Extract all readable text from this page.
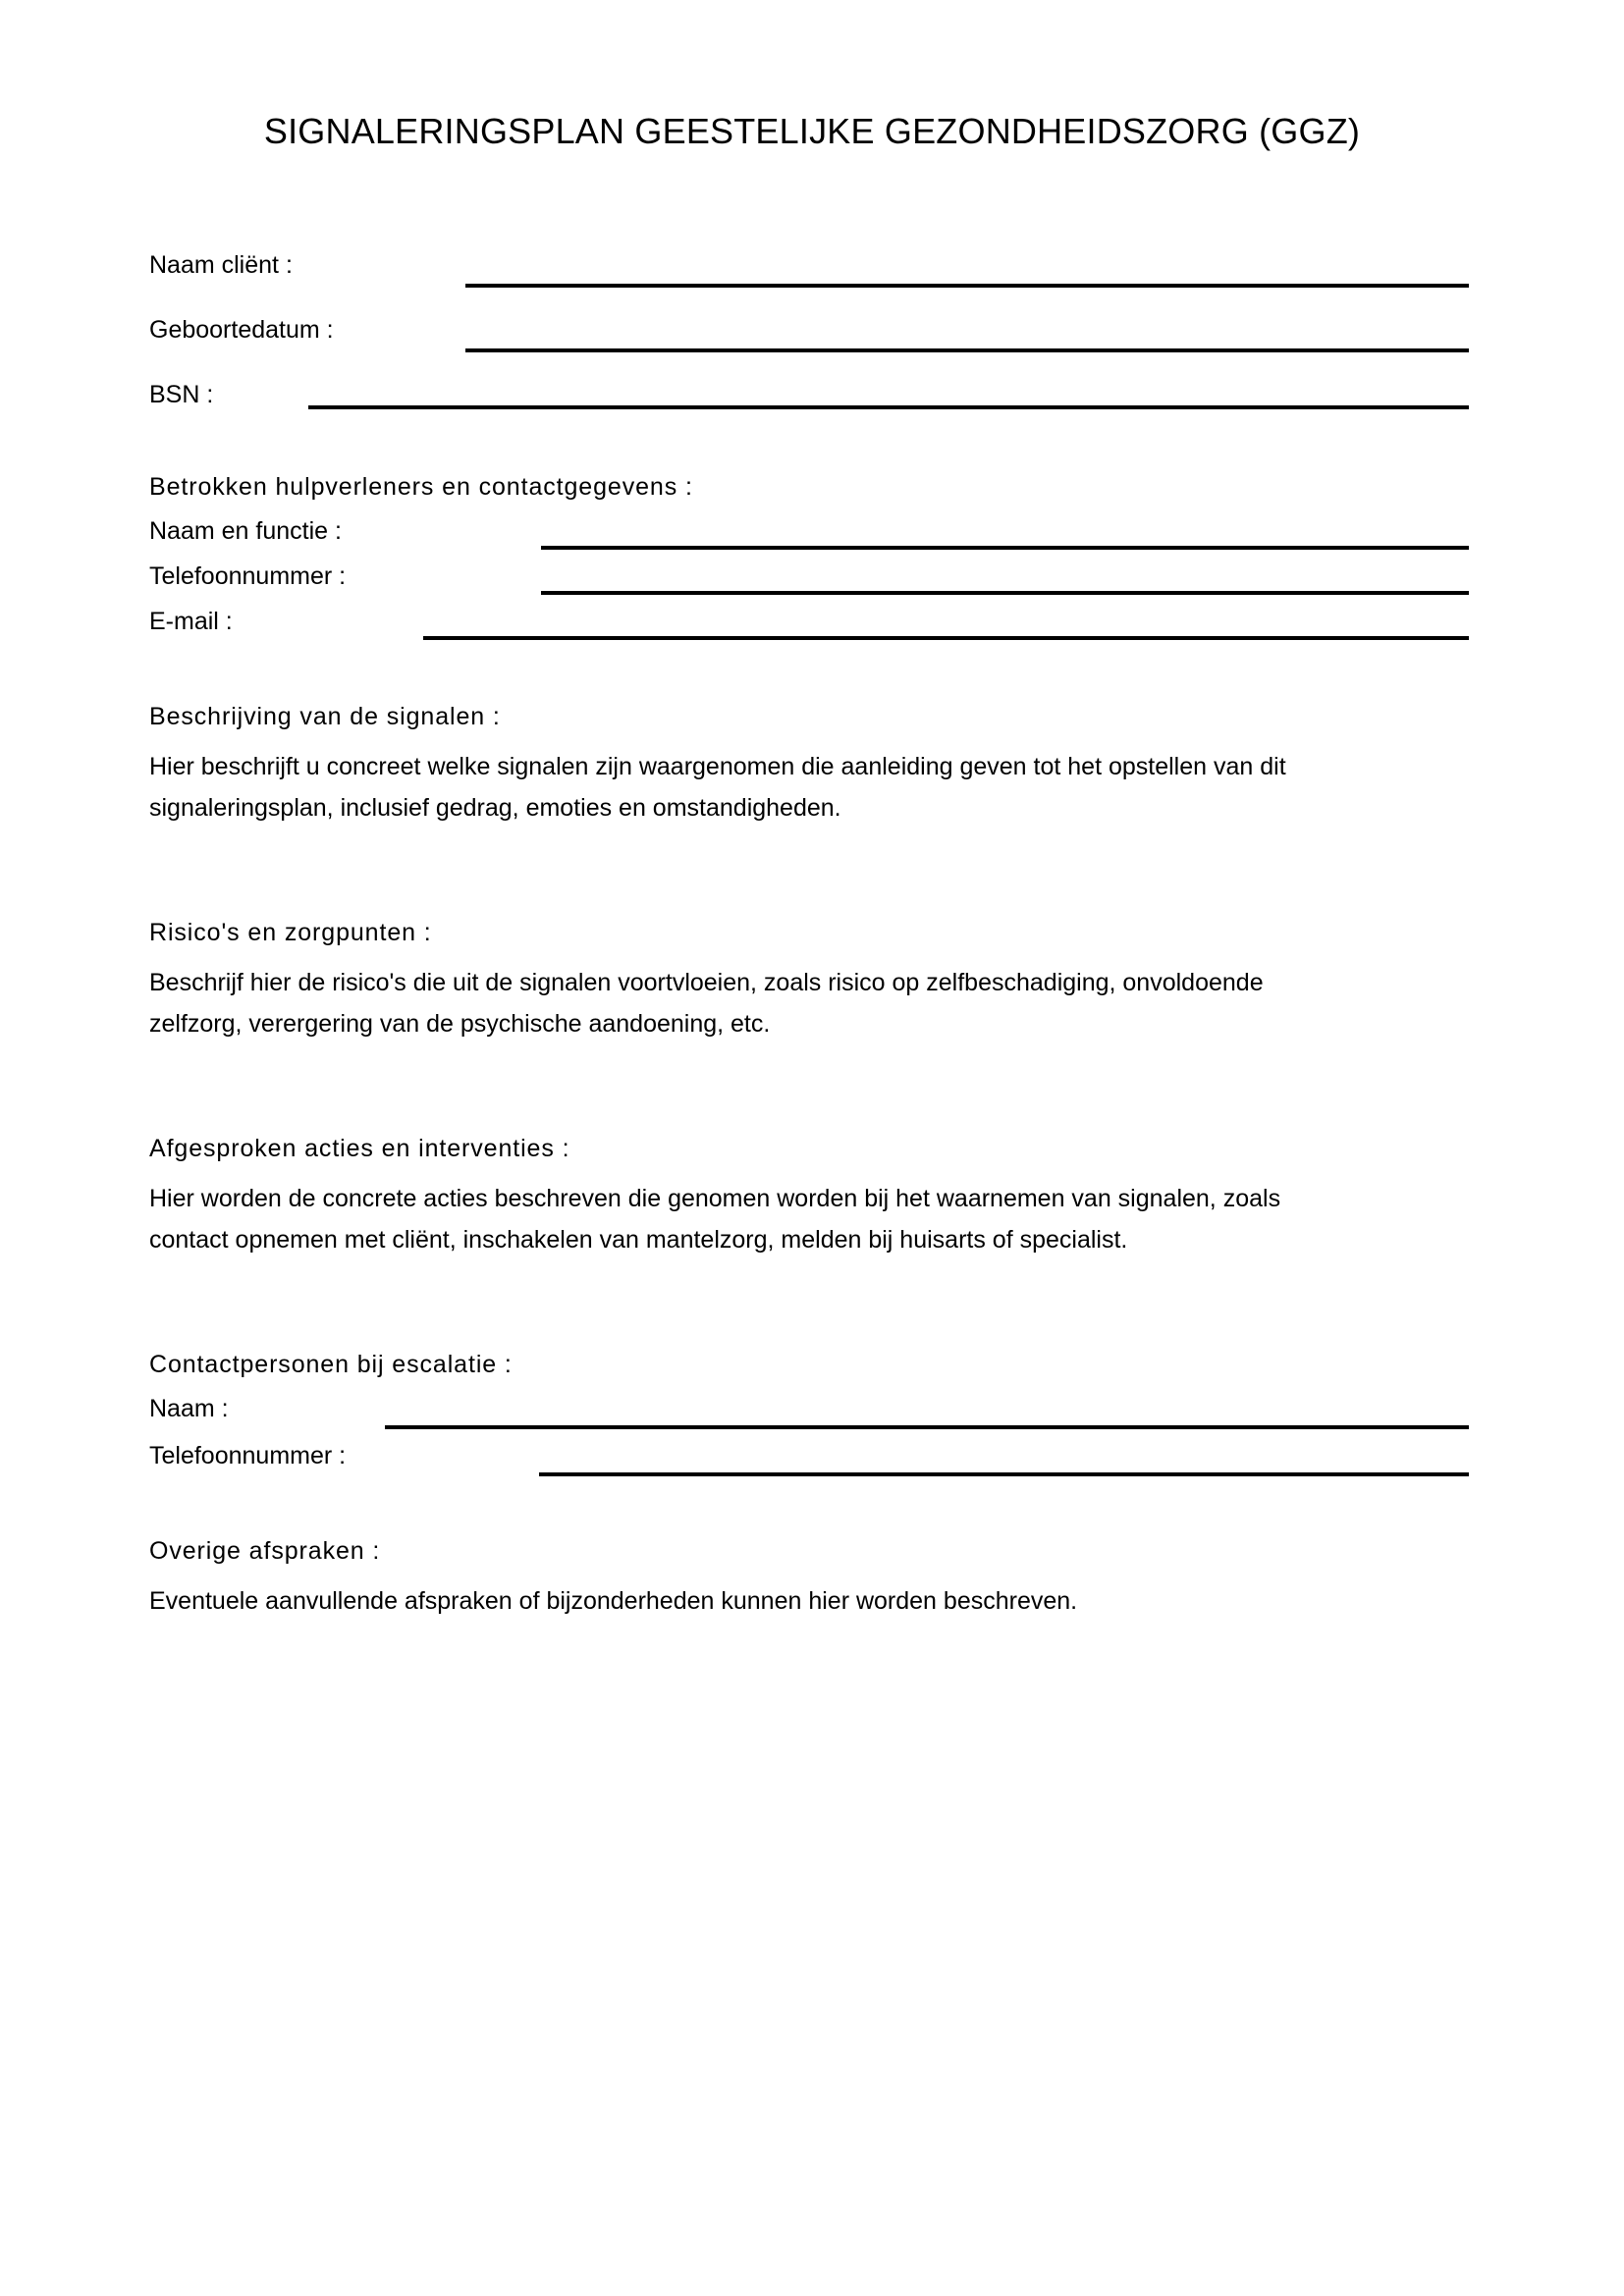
SIGNALERINGSPLAN GEESTELIJKE GEZONDHEIDSZORG (GGZ)
Naam cliënt :
Geboortedatum :
BSN :
Betrokken hulpverleners en contactgegevens :
Naam en functie :
Telefoonnummer :
E-mail :
Beschrijving van de signalen :
Hier beschrijft u concreet welke signalen zijn waargenomen die aanleiding geven tot het opstellen van dit
signaleringsplan, inclusief gedrag, emoties en omstandigheden.
Risico's en zorgpunten :
Beschrijf hier de risico's die uit de signalen voortvloeien, zoals risico op zelfbeschadiging, onvoldoende
zelfzorg, verergering van de psychische aandoening, etc.
Afgesproken acties en interventies :
Hier worden de concrete acties beschreven die genomen worden bij het waarnemen van signalen, zoals
contact opnemen met cliënt, inschakelen van mantelzorg, melden bij huisarts of specialist.
Contactpersonen bij escalatie :
Naam :
Telefoonnummer :
Overige afspraken :
Eventuele aanvullende afspraken of bijzonderheden kunnen hier worden beschreven.
